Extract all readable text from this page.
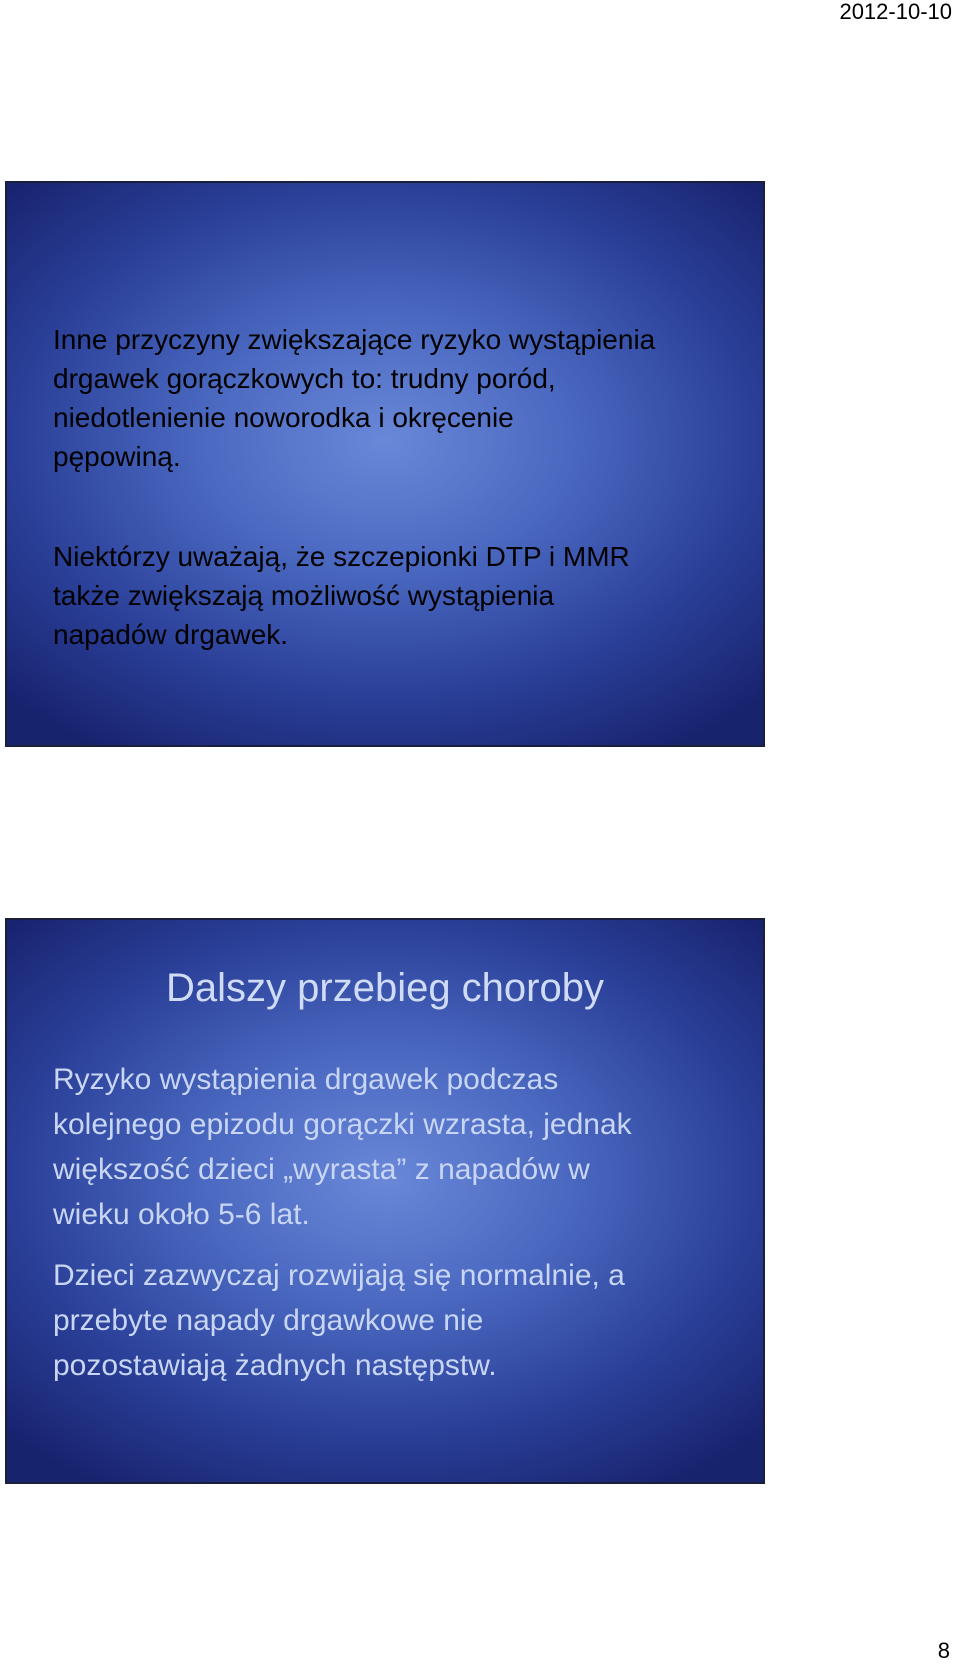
2012-10-10
Inne przyczyny zwiększające ryzyko wystąpienia
drgawek gorączkowych to: trudny poród,
niedotlenienie noworodka i okręcenie
pępowiną.
Niektórzy uważają, że szczepionki DTP i MMR
także zwiększają możliwość wystąpienia
napadów drgawek.
Dalszy przebieg choroby
Ryzyko wystąpienia drgawek podczas
kolejnego epizodu gorączki wzrasta, jednak
większość dzieci „wyrasta” z napadów w
wieku około 5-6 lat.
Dzieci zazwyczaj rozwijają się normalnie, a
przebyte napady drgawkowe nie
pozostawiają żadnych następstw.
8
